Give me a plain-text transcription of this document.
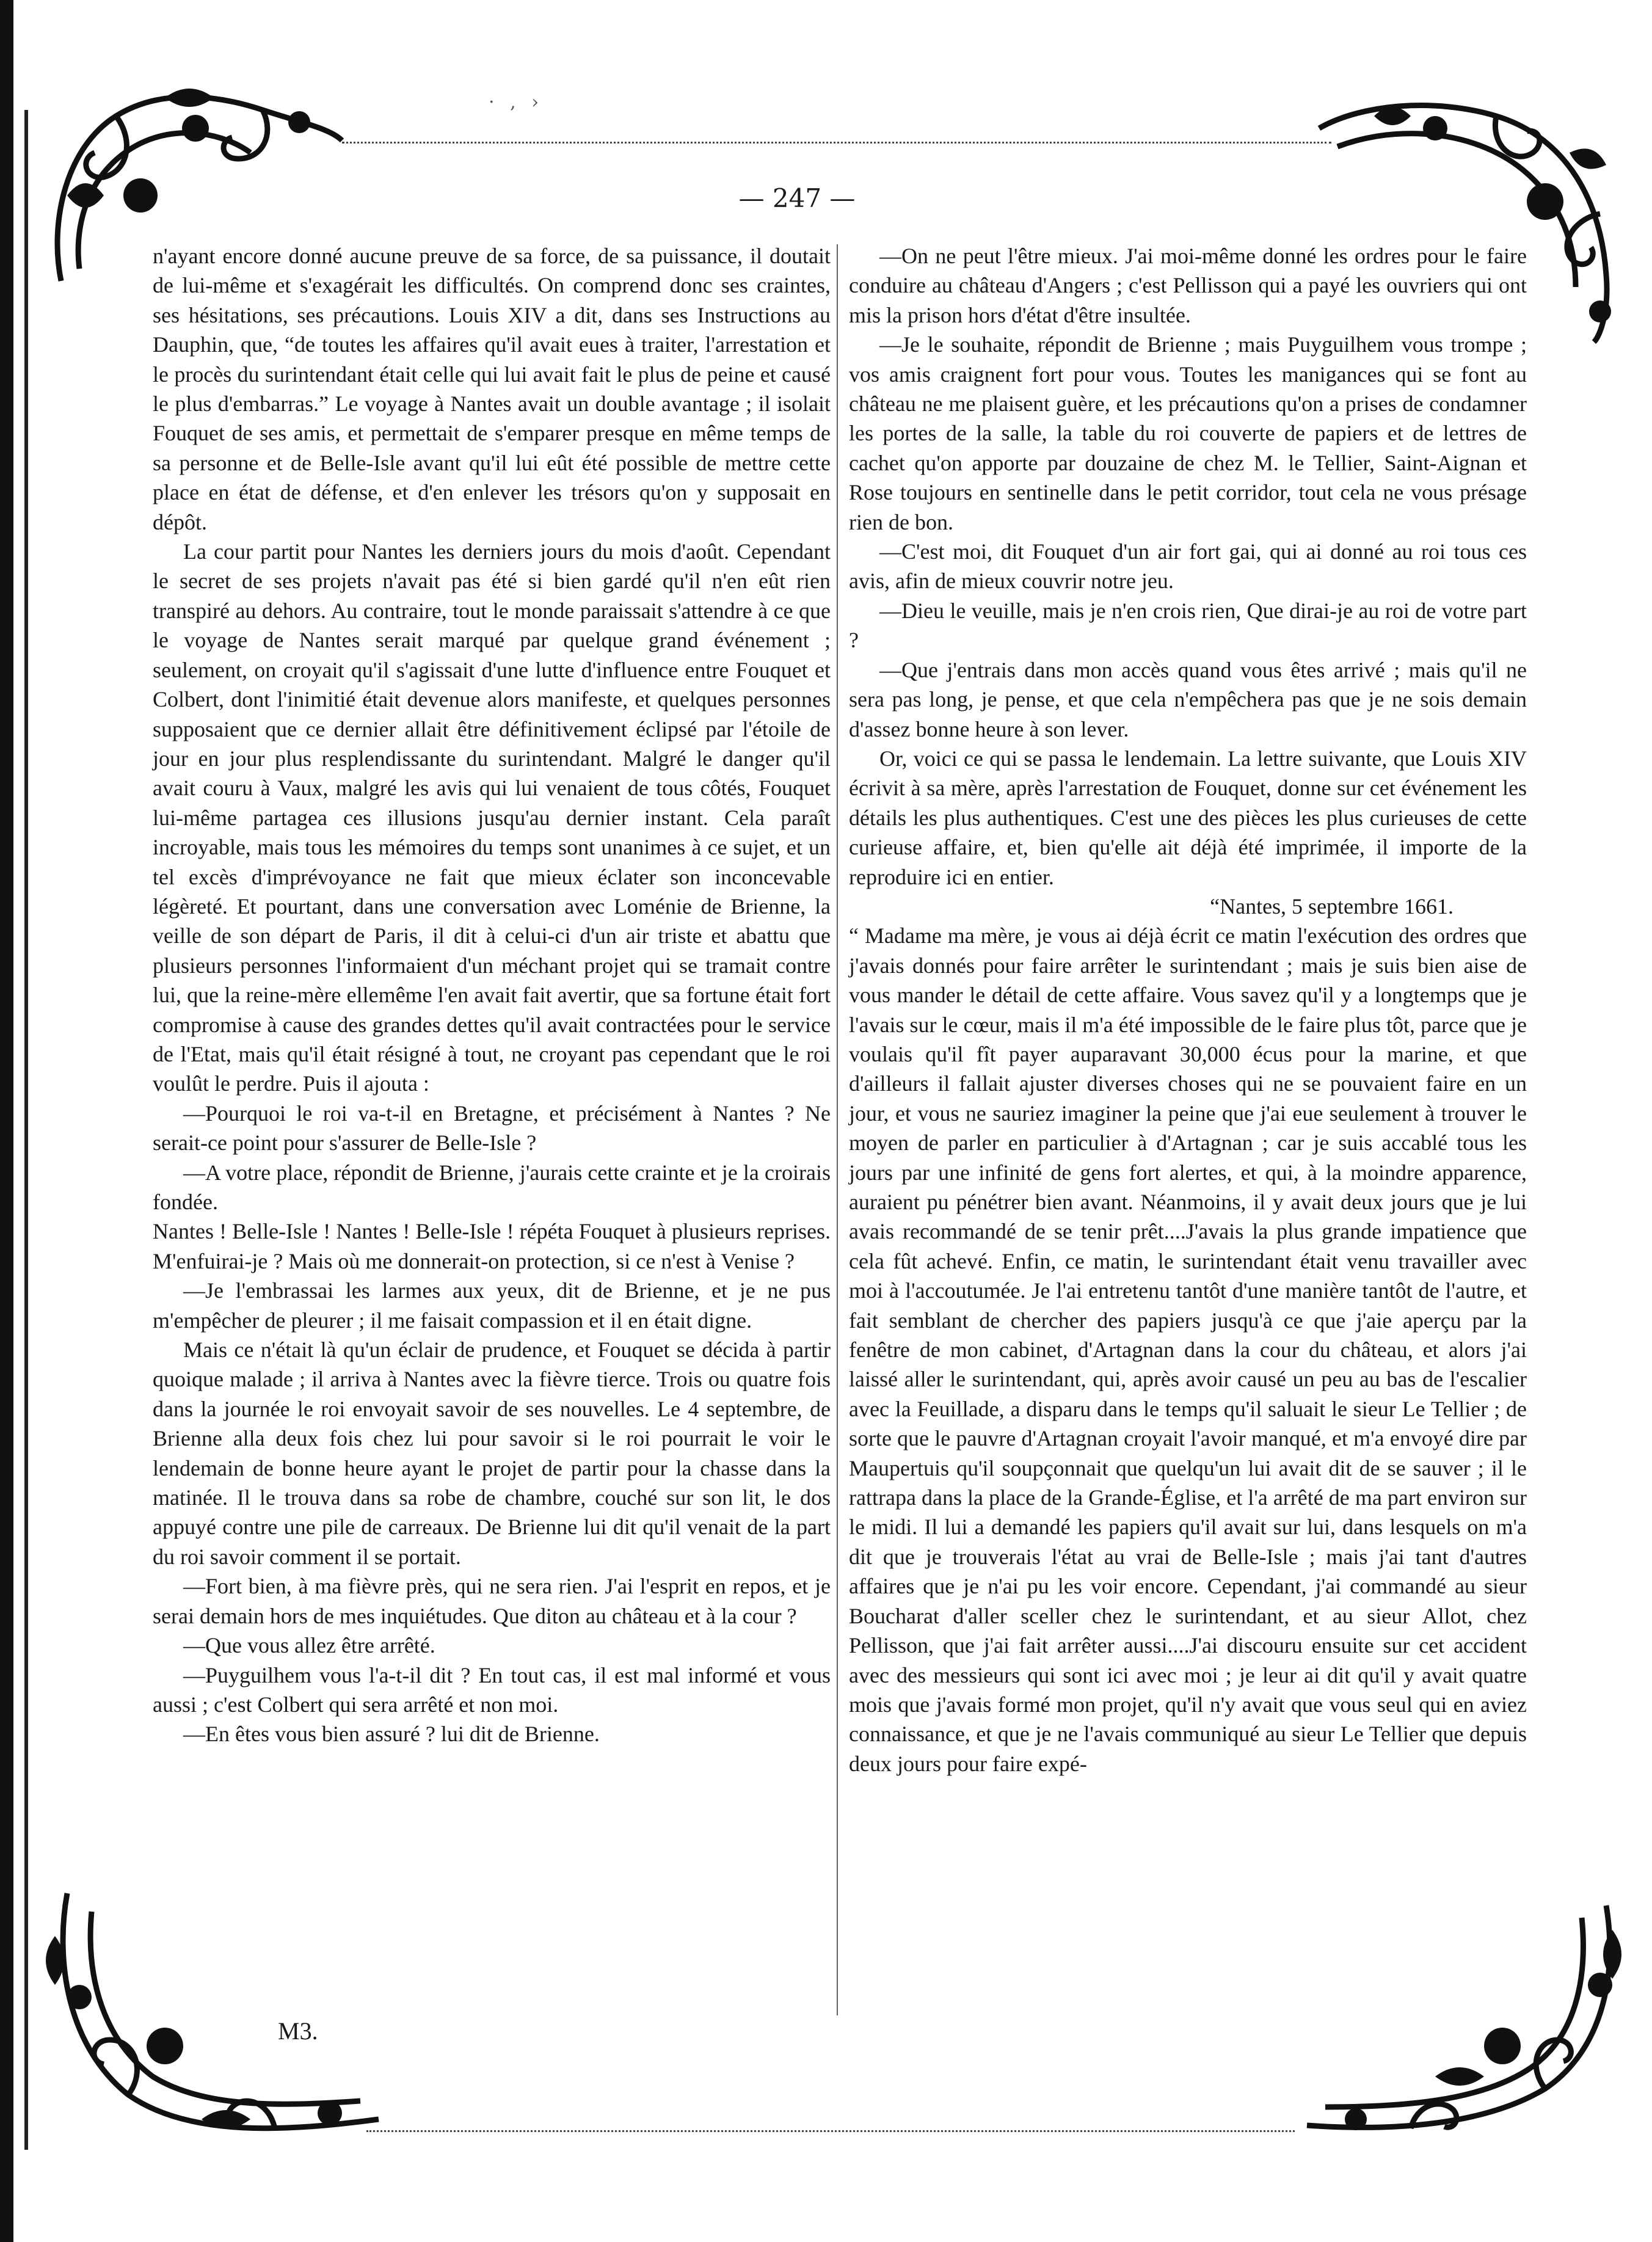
· , ›
— 247 —

n'ayant encore donné aucune preuve de sa force, de sa puissance, il doutait de lui-même et s'exagérait les difficultés. On comprend donc ses craintes, ses hésitations, ses précautions. Louis XIV a dit, dans ses Instructions au Dauphin, que, “de toutes les affaires qu'il avait eues à traiter, l'arrestation et le procès du surintendant était celle qui lui avait fait le plus de peine et causé le plus d'embarras.” Le voyage à Nantes avait un double avantage ; il isolait Fouquet de ses amis, et permettait de s'emparer presque en même temps de sa personne et de Belle-Isle avant qu'il lui eût été possible de mettre cette place en état de défense, et d'en enlever les trésors qu'on y supposait en dépôt.

La cour partit pour Nantes les derniers jours du mois d'août. Cependant le secret de ses projets n'avait pas été si bien gardé qu'il n'en eût rien transpiré au dehors. Au contraire, tout le monde paraissait s'attendre à ce que le voyage de Nantes serait marqué par quelque grand événement ; seulement, on croyait qu'il s'agissait d'une lutte d'influence entre Fouquet et Colbert, dont l'inimitié était devenue alors manifeste, et quelques personnes supposaient que ce dernier allait être définitivement éclipsé par l'étoile de jour en jour plus resplendissante du surintendant. Malgré le danger qu'il avait couru à Vaux, malgré les avis qui lui venaient de tous côtés, Fouquet lui-même partagea ces illusions jusqu'au dernier instant. Cela paraît incroyable, mais tous les mémoires du temps sont unanimes à ce sujet, et un tel excès d'imprévoyance ne fait que mieux éclater son inconcevable légèreté. Et pourtant, dans une conversation avec Loménie de Brienne, la veille de son départ de Paris, il dit à celui-ci d'un air triste et abattu que plusieurs personnes l'informaient d'un méchant projet qui se tramait contre lui, que la reine-mère ellemême l'en avait fait avertir, que sa fortune était fort compromise à cause des grandes dettes qu'il avait contractées pour le service de l'Etat, mais qu'il était résigné à tout, ne croyant pas cependant que le roi voulût le perdre. Puis il ajouta :

—Pourquoi le roi va-t-il en Bretagne, et précisément à Nantes ? Ne serait-ce point pour s'assurer de Belle-Isle ?

—A votre place, répondit de Brienne, j'aurais cette crainte et je la croirais fondée.

Nantes ! Belle-Isle ! Nantes ! Belle-Isle ! répéta Fouquet à plusieurs reprises. M'enfuirai-je ? Mais où me donnerait-on protection, si ce n'est à Venise ?

—Je l'embrassai les larmes aux yeux, dit de Brienne, et je ne pus m'empêcher de pleurer ; il me faisait compassion et il en était digne.

Mais ce n'était là qu'un éclair de prudence, et Fouquet se décida à partir quoique malade ; il arriva à Nantes avec la fièvre tierce. Trois ou quatre fois dans la journée le roi envoyait savoir de ses nouvelles. Le 4 septembre, de Brienne alla deux fois chez lui pour savoir si le roi pourrait le voir le lendemain de bonne heure ayant le projet de partir pour la chasse dans la matinée. Il le trouva dans sa robe de chambre, couché sur son lit, le dos appuyé contre une pile de carreaux. De Brienne lui dit qu'il venait de la part du roi savoir comment il se portait.

—Fort bien, à ma fièvre près, qui ne sera rien. J'ai l'esprit en repos, et je serai demain hors de mes inquiétudes. Que diton au château et à la cour ?

—Que vous allez être arrêté.

—Puyguilhem vous l'a-t-il dit ? En tout cas, il est mal informé et vous aussi ; c'est Colbert qui sera arrêté et non moi.

—En êtes vous bien assuré ? lui dit de Brienne.

M3.

—On ne peut l'être mieux. J'ai moi-même donné les ordres pour le faire conduire au château d'Angers ; c'est Pellisson qui a payé les ouvriers qui ont mis la prison hors d'état d'être insultée.

—Je le souhaite, répondit de Brienne ; mais Puyguilhem vous trompe ; vos amis craignent fort pour vous. Toutes les manigances qui se font au château ne me plaisent guère, et les précautions qu'on a prises de condamner les portes de la salle, la table du roi couverte de papiers et de lettres de cachet qu'on apporte par douzaine de chez M. le Tellier, Saint-Aignan et Rose toujours en sentinelle dans le petit corridor, tout cela ne vous présage rien de bon.

—C'est moi, dit Fouquet d'un air fort gai, qui ai donné au roi tous ces avis, afin de mieux couvrir notre jeu.

—Dieu le veuille, mais je n'en crois rien, Que dirai-je au roi de votre part ?

—Que j'entrais dans mon accès quand vous êtes arrivé ; mais qu'il ne sera pas long, je pense, et que cela n'empêchera pas que je ne sois demain d'assez bonne heure à son lever.

Or, voici ce qui se passa le lendemain. La lettre suivante, que Louis XIV écrivit à sa mère, après l'arrestation de Fouquet, donne sur cet événement les détails les plus authentiques. C'est une des pièces les plus curieuses de cette curieuse affaire, et, bien qu'elle ait déjà été imprimée, il importe de la reproduire ici en entier.

“Nantes, 5 septembre 1661.

“ Madame ma mère, je vous ai déjà écrit ce matin l'exécution des ordres que j'avais donnés pour faire arrêter le surintendant ; mais je suis bien aise de vous mander le détail de cette affaire. Vous savez qu'il y a longtemps que je l'avais sur le cœur, mais il m'a été impossible de le faire plus tôt, parce que je voulais qu'il fît payer auparavant 30,000 écus pour la marine, et que d'ailleurs il fallait ajuster diverses choses qui ne se pouvaient faire en un jour, et vous ne sauriez imaginer la peine que j'ai eue seulement à trouver le moyen de parler en particulier à d'Artagnan ; car je suis accablé tous les jours par une infinité de gens fort alertes, et qui, à la moindre apparence, auraient pu pénétrer bien avant. Néanmoins, il y avait deux jours que je lui avais recommandé de se tenir prêt....J'avais la plus grande impatience que cela fût achevé. Enfin, ce matin, le surintendant était venu travailler avec moi à l'accoutumée. Je l'ai entretenu tantôt d'une manière tantôt de l'autre, et fait semblant de chercher des papiers jusqu'à ce que j'aie aperçu par la fenêtre de mon cabinet, d'Artagnan dans la cour du château, et alors j'ai laissé aller le surintendant, qui, après avoir causé un peu au bas de l'escalier avec la Feuillade, a disparu dans le temps qu'il saluait le sieur Le Tellier ; de sorte que le pauvre d'Artagnan croyait l'avoir manqué, et m'a envoyé dire par Maupertuis qu'il soupçonnait que quelqu'un lui avait dit de se sauver ; il le rattrapa dans la place de la Grande-Église, et l'a arrêté de ma part environ sur le midi. Il lui a demandé les papiers qu'il avait sur lui, dans lesquels on m'a dit que je trouverais l'état au vrai de Belle-Isle ; mais j'ai tant d'autres affaires que je n'ai pu les voir encore. Cependant, j'ai commandé au sieur Boucharat d'aller sceller chez le surintendant, et au sieur Allot, chez Pellisson, que j'ai fait arrêter aussi....J'ai discouru ensuite sur cet accident avec des messieurs qui sont ici avec moi ; je leur ai dit qu'il y avait quatre mois que j'avais formé mon projet, qu'il n'y avait que vous seul qui en aviez connaissance, et que je ne l'avais communiqué au sieur Le Tellier que depuis deux jours pour faire expé-
